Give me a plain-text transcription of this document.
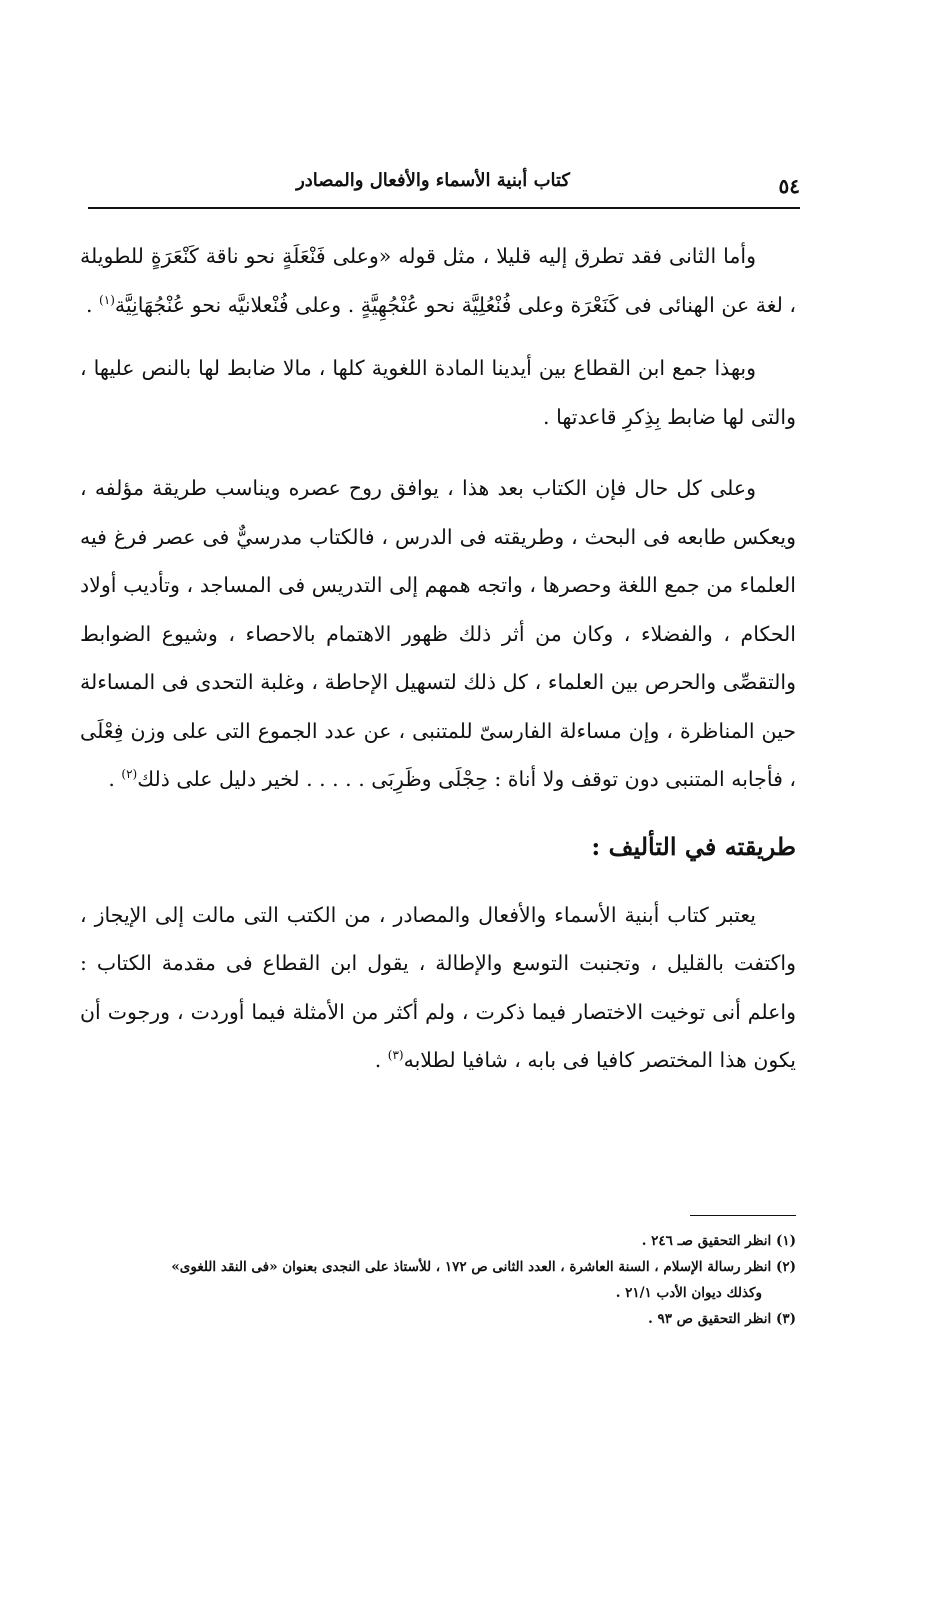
كتاب أبنية الأسماء والأفعال والمصادر	٥٤

وأما الثانى فقد تطرق إليه قليلا ، مثل قوله «وعلى فَنْعَلَةٍ نحو ناقة كَنْعَرَةٍ للطويلة ، لغة عن الهنائى فى كَنَعْرَة وعلى فُنْعُلِيَّة نحو عُنْجُهِيَّةٍ . وعلى فُنْعلانيَّه نحو عُنْجُهَانِيَّة$^{(١)}$ .

وبهذا جمع ابن القطاع بين أيدينا المادة اللغوية كلها ، مالا ضابط لها بالنص عليها ، والتى لها ضابط بِذِكرِ قاعدتها .

وعلى كل حال فإن الكتاب بعد هذا ، يوافق روح عصره ويناسب طريقة مؤلفه ، ويعكس طابعه فى البحث ، وطريقته فى الدرس ، فالكتاب مدرسيٌّ فى عصر فرغ فيه العلماء من جمع اللغة وحصرها ، واتجه همهم إلى التدريس فى المساجد ، وتأديب أولاد الحكام ، والفضلاء ، وكان من أثر ذلك ظهور الاهتمام بالاحصاء ، وشيوع الضوابط والتقصِّى والحرص بين العلماء ، كل ذلك لتسهيل الإحاطة ، وغلبة التحدى فى المساءلة حين المناظرة ، وإن مساءلة الفارسىّ للمتنبى ، عن عدد الجموع التى على وزن فِعْلَى ، فأجابه المتنبى دون توقف ولا أناة : حِجْلَى وظَرِبَى . . . . . لخير دليل على ذلك$^{(٢)}$ .

طريقته في التأليف :

يعتبر كتاب أبنية الأسماء والأفعال والمصادر ، من الكتب التى مالت إلى الإيجاز ، واكتفت بالقليل ، وتجنبت التوسع والإطالة ، يقول ابن القطاع فى مقدمة الكتاب : واعلم أنى توخيت الاختصار فيما ذكرت ، ولم أكثر من الأمثلة فيما أوردت ، ورجوت أن يكون هذا المختصر كافيا فى بابه ، شافيا لطلابه$^{(٣)}$ .

(١) انظر التحقيق صـ ٢٤٦ .

(٢) انظر رسالة الإسلام ، السنة العاشرة ، العدد الثانى ص ١٧٢ ، للأستاذ على النجدى بعنوان «فى النقد اللغوى»

وكذلك ديوان الأدب ٢١/١ .

(٣) انظر التحقيق ص ٩٣ .
